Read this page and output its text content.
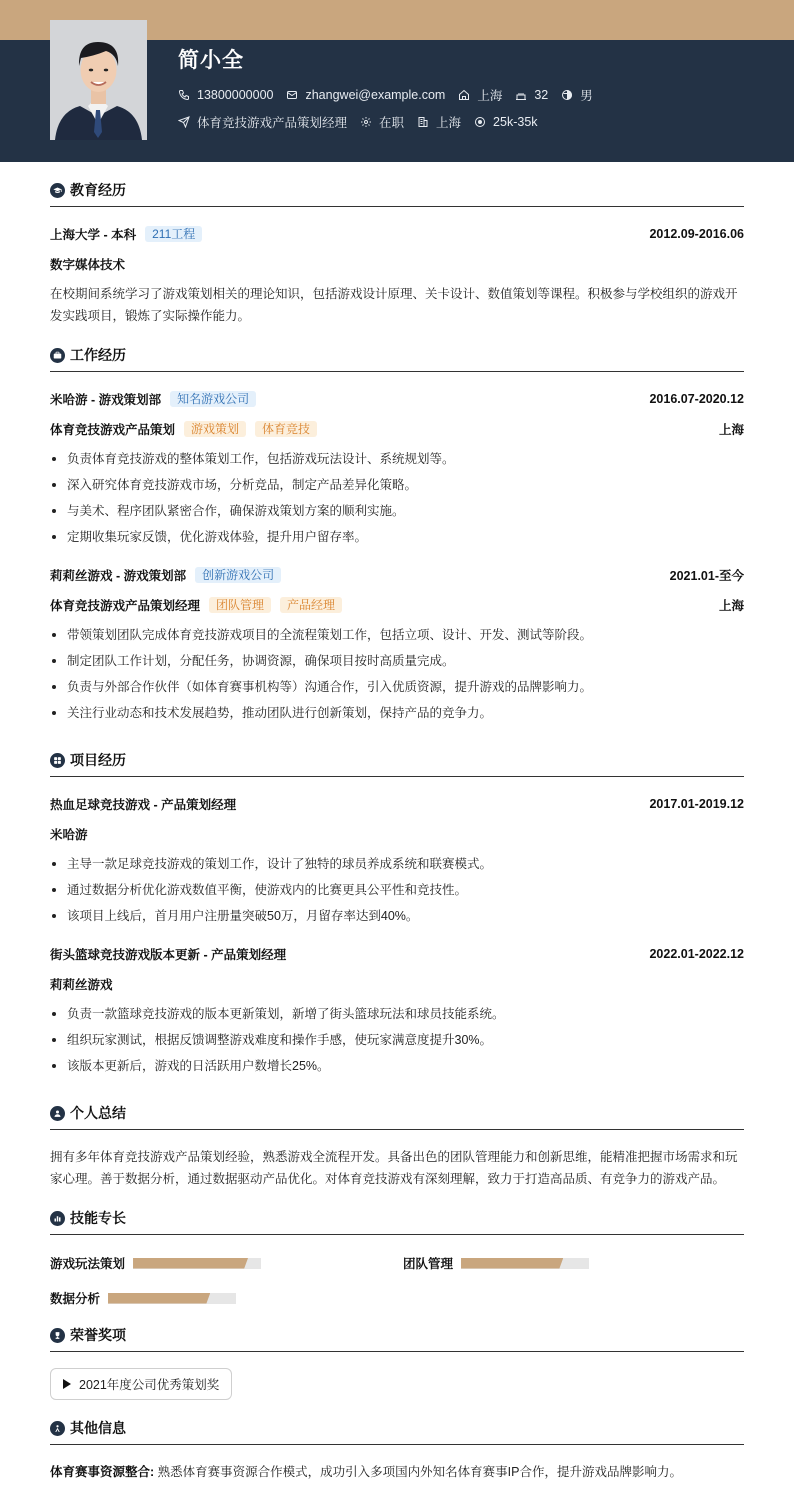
简小全
13800000000	zhangwei@example.com	上海	32	男
体育竞技游戏产品策划经理	在职	上海	25k-35k
教育经历
上海大学 - 本科	211工程	2012.09-2016.06
数字媒体技术
在校期间系统学习了游戏策划相关的理论知识，包括游戏设计原理、关卡设计、数值策划等课程。积极参与学校组织的游戏开发实践项目，锻炼了实际操作能力。
工作经历
米哈游 - 游戏策划部	知名游戏公司	2016.07-2020.12
体育竞技游戏产品策划	游戏策划	体育竞技	上海
负责体育竞技游戏的整体策划工作，包括游戏玩法设计、系统规划等。
深入研究体育竞技游戏市场，分析竞品，制定产品差异化策略。
与美术、程序团队紧密合作，确保游戏策划方案的顺利实施。
定期收集玩家反馈，优化游戏体验，提升用户留存率。
莉莉丝游戏 - 游戏策划部	创新游戏公司	2021.01-至今
体育竞技游戏产品策划经理	团队管理	产品经理	上海
带领策划团队完成体育竞技游戏项目的全流程策划工作，包括立项、设计、开发、测试等阶段。
制定团队工作计划，分配任务，协调资源，确保项目按时高质量完成。
负责与外部合作伙伴（如体育赛事机构等）沟通合作，引入优质资源，提升游戏的品牌影响力。
关注行业动态和技术发展趋势，推动团队进行创新策划，保持产品的竞争力。
项目经历
热血足球竞技游戏 - 产品策划经理	2017.01-2019.12
米哈游
主导一款足球竞技游戏的策划工作，设计了独特的球员养成系统和联赛模式。
通过数据分析优化游戏数值平衡，使游戏内的比赛更具公平性和竞技性。
该项目上线后，首月用户注册量突破50万，月留存率达到40%。
街头篮球竞技游戏版本更新 - 产品策划经理	2022.01-2022.12
莉莉丝游戏
负责一款篮球竞技游戏的版本更新策划，新增了街头篮球玩法和球员技能系统。
组织玩家测试，根据反馈调整游戏难度和操作手感，使玩家满意度提升30%。
该版本更新后，游戏的日活跃用户数增长25%。
个人总结
拥有多年体育竞技游戏产品策划经验，熟悉游戏全流程开发。具备出色的团队管理能力和创新思维，能精准把握市场需求和玩家心理。善于数据分析，通过数据驱动产品优化。对体育竞技游戏有深刻理解，致力于打造高品质、有竞争力的游戏产品。
技能专长
游戏玩法策划	团队管理
数据分析
荣誉奖项
2021年度公司优秀策划奖
其他信息
体育赛事资源整合: 熟悉体育赛事资源合作模式，成功引入多项国内外知名体育赛事IP合作，提升游戏品牌影响力。
